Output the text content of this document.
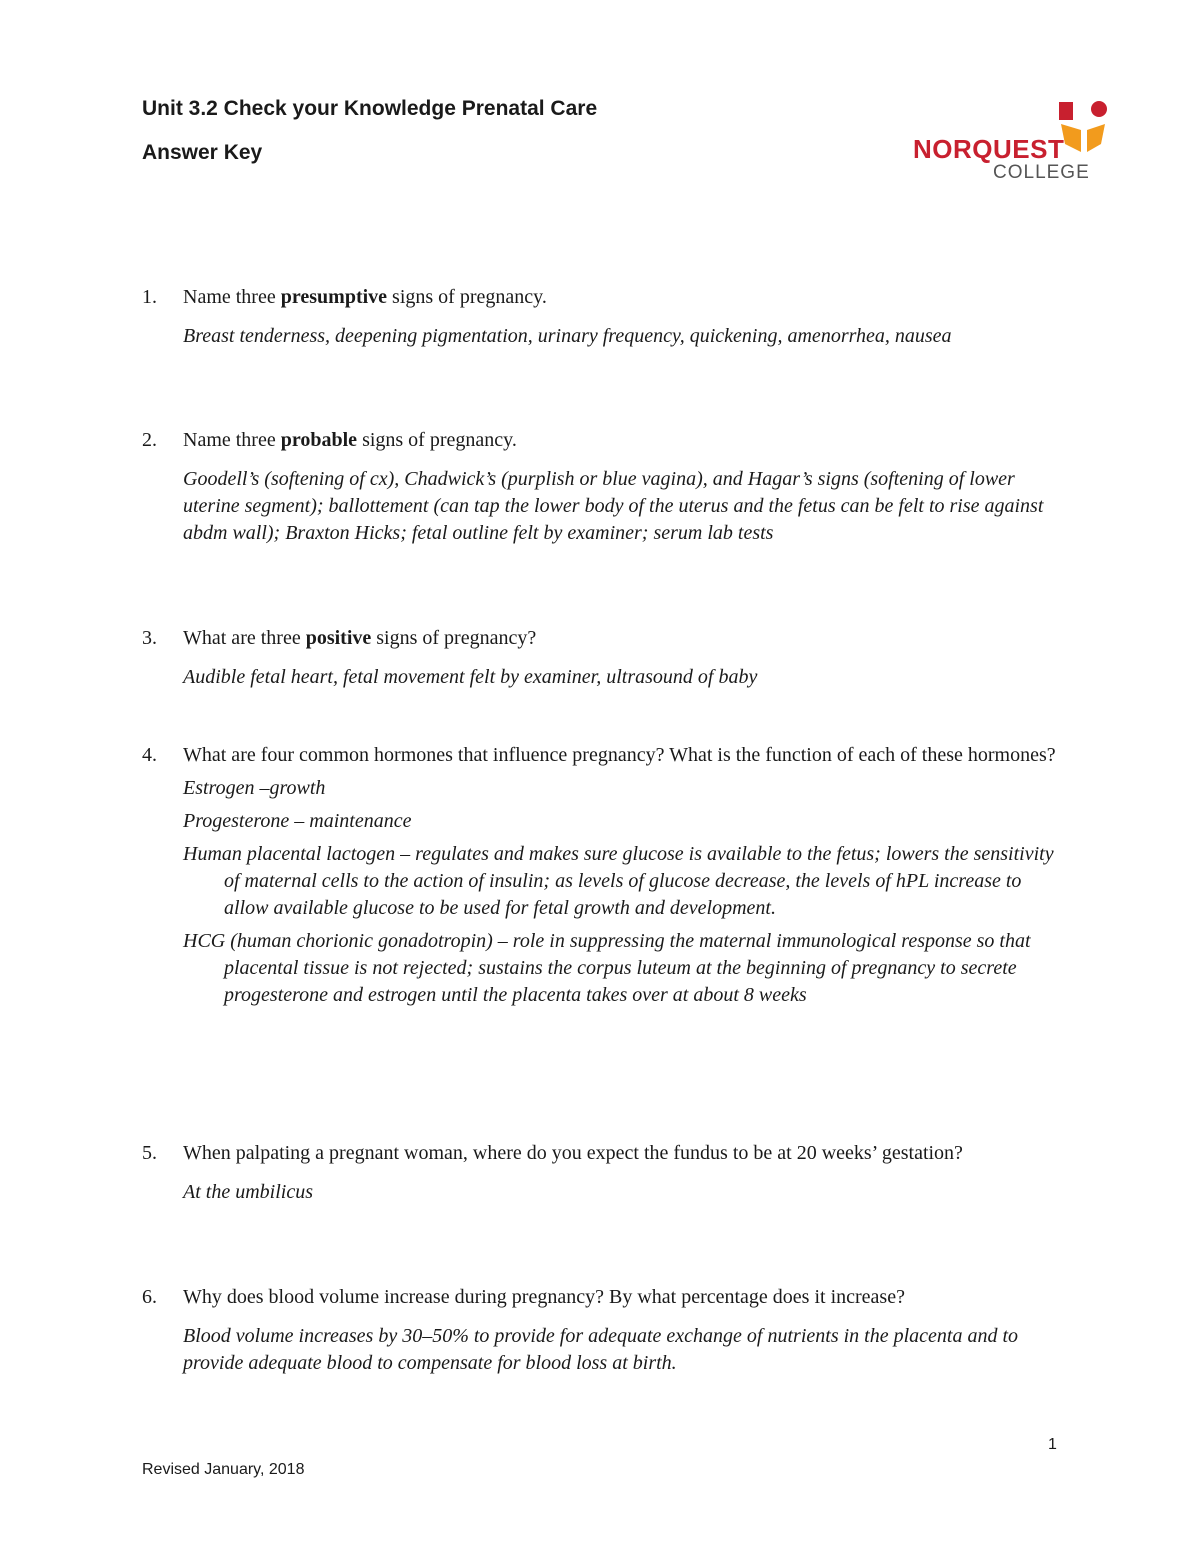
Unit 3.2 Check your Knowledge Prenatal Care

Answer Key	NORQUEST
COLLEGE

1. Name three presumptive signs of pregnancy.

Breast tenderness, deepening pigmentation, urinary frequency, quickening, amenorrhea, nausea

2. Name three probable signs of pregnancy.

Goodell’s (softening of cx), Chadwick’s (purplish or blue vagina), and Hagar’s signs (softening of lower uterine segment); ballottement (can tap the lower body of the uterus and the fetus can be felt to rise against abdm wall); Braxton Hicks; fetal outline felt by examiner; serum lab tests

3. What are three positive signs of pregnancy?

Audible fetal heart, fetal movement felt by examiner, ultrasound of baby

4. What are four common hormones that influence pregnancy? What is the function of each of these hormones?

Estrogen –growth

Progesterone – maintenance

Human placental lactogen – regulates and makes sure glucose is available to the fetus; lowers the sensitivity of maternal cells to the action of insulin; as levels of glucose decrease, the levels of hPL increase to allow available glucose to be used for fetal growth and development.

HCG (human chorionic gonadotropin) – role in suppressing the maternal immunological response so that placental tissue is not rejected; sustains the corpus luteum at the beginning of pregnancy to secrete progesterone and estrogen until the placenta takes over at about 8 weeks

5. When palpating a pregnant woman, where do you expect the fundus to be at 20 weeks’ gestation?

At the umbilicus

6. Why does blood volume increase during pregnancy? By what percentage does it increase?

Blood volume increases by 30–50% to provide for adequate exchange of nutrients in the placenta and to provide adequate blood to compensate for blood loss at birth.

1
Revised January, 2018
